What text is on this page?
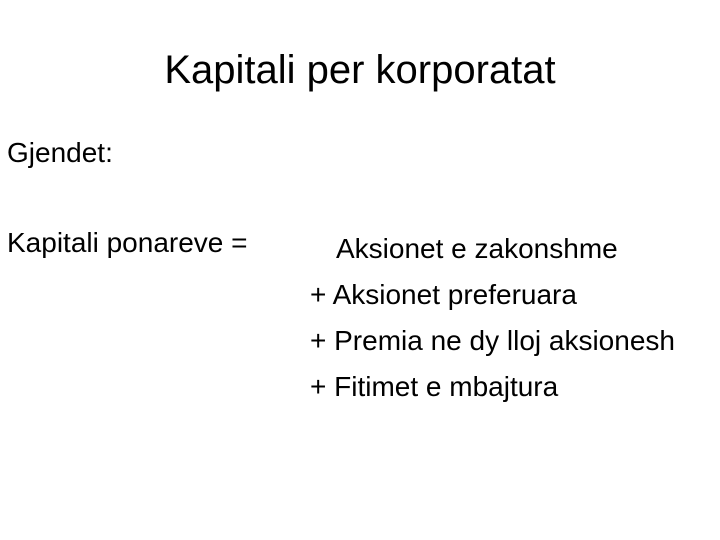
Kapitali per korporatat
Gjendet:
Kapitali ponareve =	Aksionet e zakonshme
+ Aksionet preferuara
+ Premia ne dy lloj aksionesh
+ Fitimet e mbajtura
